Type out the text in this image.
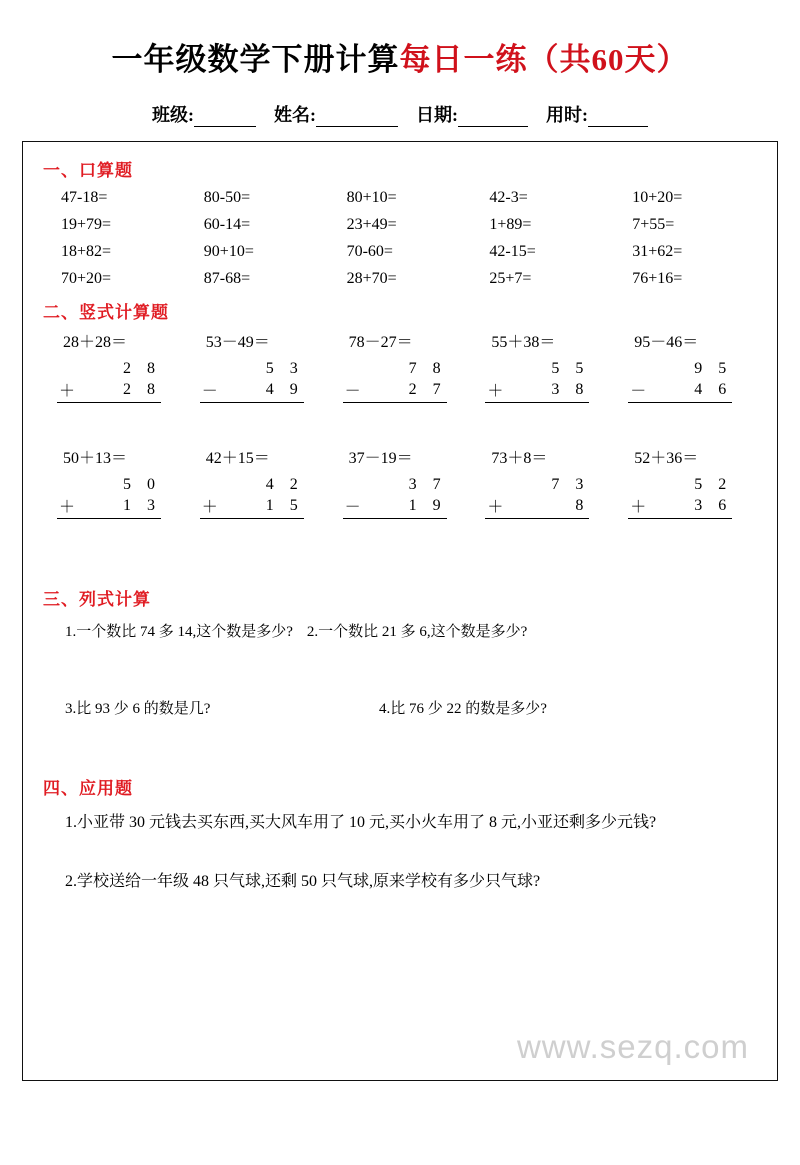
一年级数学下册计算每日一练（共60天）
班级:	姓名:	日期:	用时:
一、口算题
47-18=	80-50=	80+10=	42-3=	10+20=
19+79=	60-14=	23+49=	1+89=	7+55=
18+82=	90+10=	70-60=	42-15=	31+62=
70+20=	87-68=	28+70=	25+7=	76+16=
二、竖式计算题
28＋28＝
2 8
＋	2 8
53－49＝
5 3
－	4 9
78－27＝
7 8
－	2 7
55＋38＝
5 5
＋	3 8
95－46＝
9 5
－	4 6
50＋13＝
5 0
＋	1 3
42＋15＝
4 2
＋	1 5
37－19＝
3 7
－	1 9
73＋8＝
7 3
＋	8
52＋36＝
5 2
＋	3 6
三、列式计算
1.一个数比 74 多 14,这个数是多少? 2.一个数比 21 多 6,这个数是多少?
3.比 93 少 6 的数是几?	4.比 76 少 22 的数是多少?
四、应用题
1.小亚带 30 元钱去买东西,买大风车用了 10 元,买小火车用了 8 元,小亚还剩多少元钱?
2.学校送给一年级 48 只气球,还剩 50 只气球,原来学校有多少只气球?
www.sezq.com
